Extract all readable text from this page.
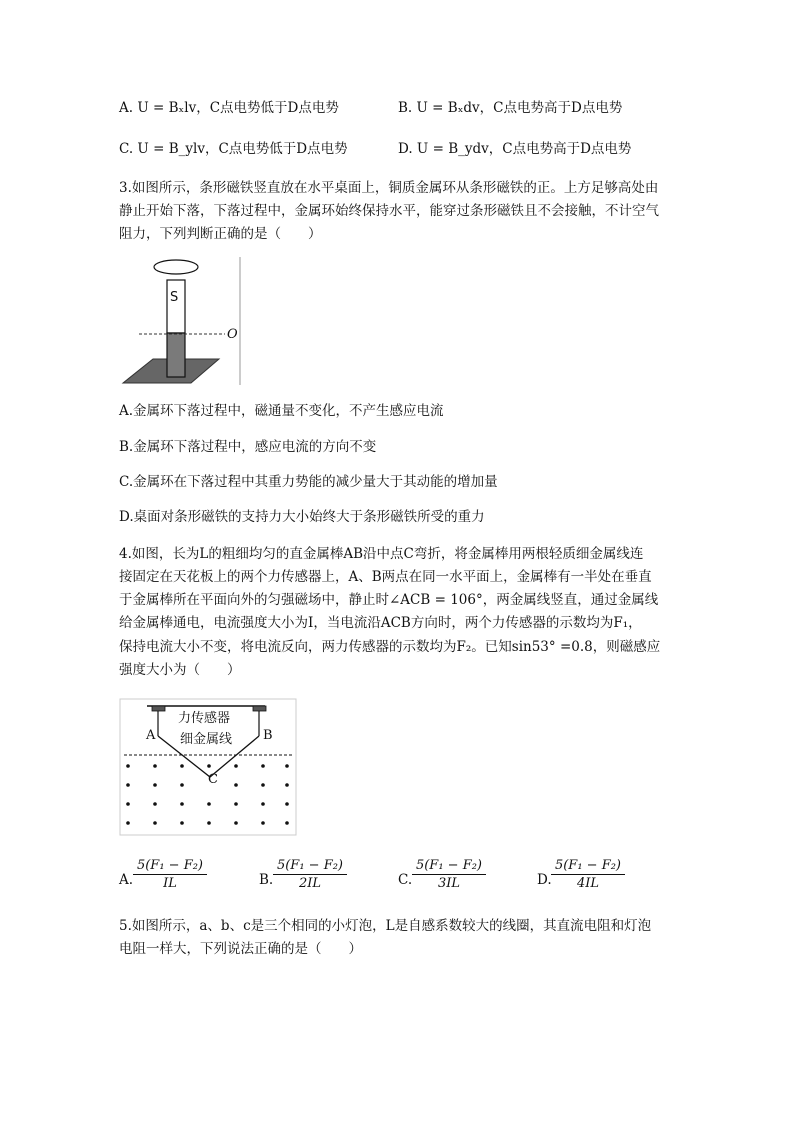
A. U = Bₓlv，C点电势低于D点电势	B. U = Bₓdv，C点电势高于D点电势
C. U = B_ylv，C点电势低于D点电势	D. U = B_ydv，C点电势高于D点电势
3.如图所示，条形磁铁竖直放在水平桌面上，铜质金属环从条形磁铁的正。上方足够高处由
静止开始下落，下落过程中，金属环始终保持水平，能穿过条形磁铁且不会接触，不计空气
阻力，下列判断正确的是（　　）
S
O
A.金属环下落过程中，磁通量不变化，不产生感应电流
B.金属环下落过程中，感应电流的方向不变
C.金属环在下落过程中其重力势能的减少量大于其动能的增加量
D.桌面对条形磁铁的支持力大小始终大于条形磁铁所受的重力
4.如图，长为L的粗细均匀的直金属棒AB沿中点C弯折，将金属棒用两根轻质细金属线连
接固定在天花板上的两个力传感器上，A、B两点在同一水平面上，金属棒有一半处在垂直
于金属棒所在平面向外的匀强磁场中，静止时∠ACB = 106°，两金属线竖直，通过金属线
给金属棒通电，电流强度大小为I，当电流沿ACB方向时，两个力传感器的示数均为F₁，
保持电流大小不变，将电流反向，两力传感器的示数均为F₂。已知sin53° =0.8，则磁感应
强度大小为（　　）
力传感器
细金属线
A	B
C
A. $\frac{\text{5(F₁ − F₂)}}{IL}$	B. $\frac{\text{5(F₁ − F₂)}}{2IL}$	C. $\frac{\text{5(F₁ − F₂)}}{3IL}$	D. $\frac{\text{5(F₁ − F₂)}}{4IL}$
5.如图所示，a、b、c是三个相同的小灯泡，L是自感系数较大的线圈，其直流电阻和灯泡
电阻一样大，下列说法正确的是（　　）
